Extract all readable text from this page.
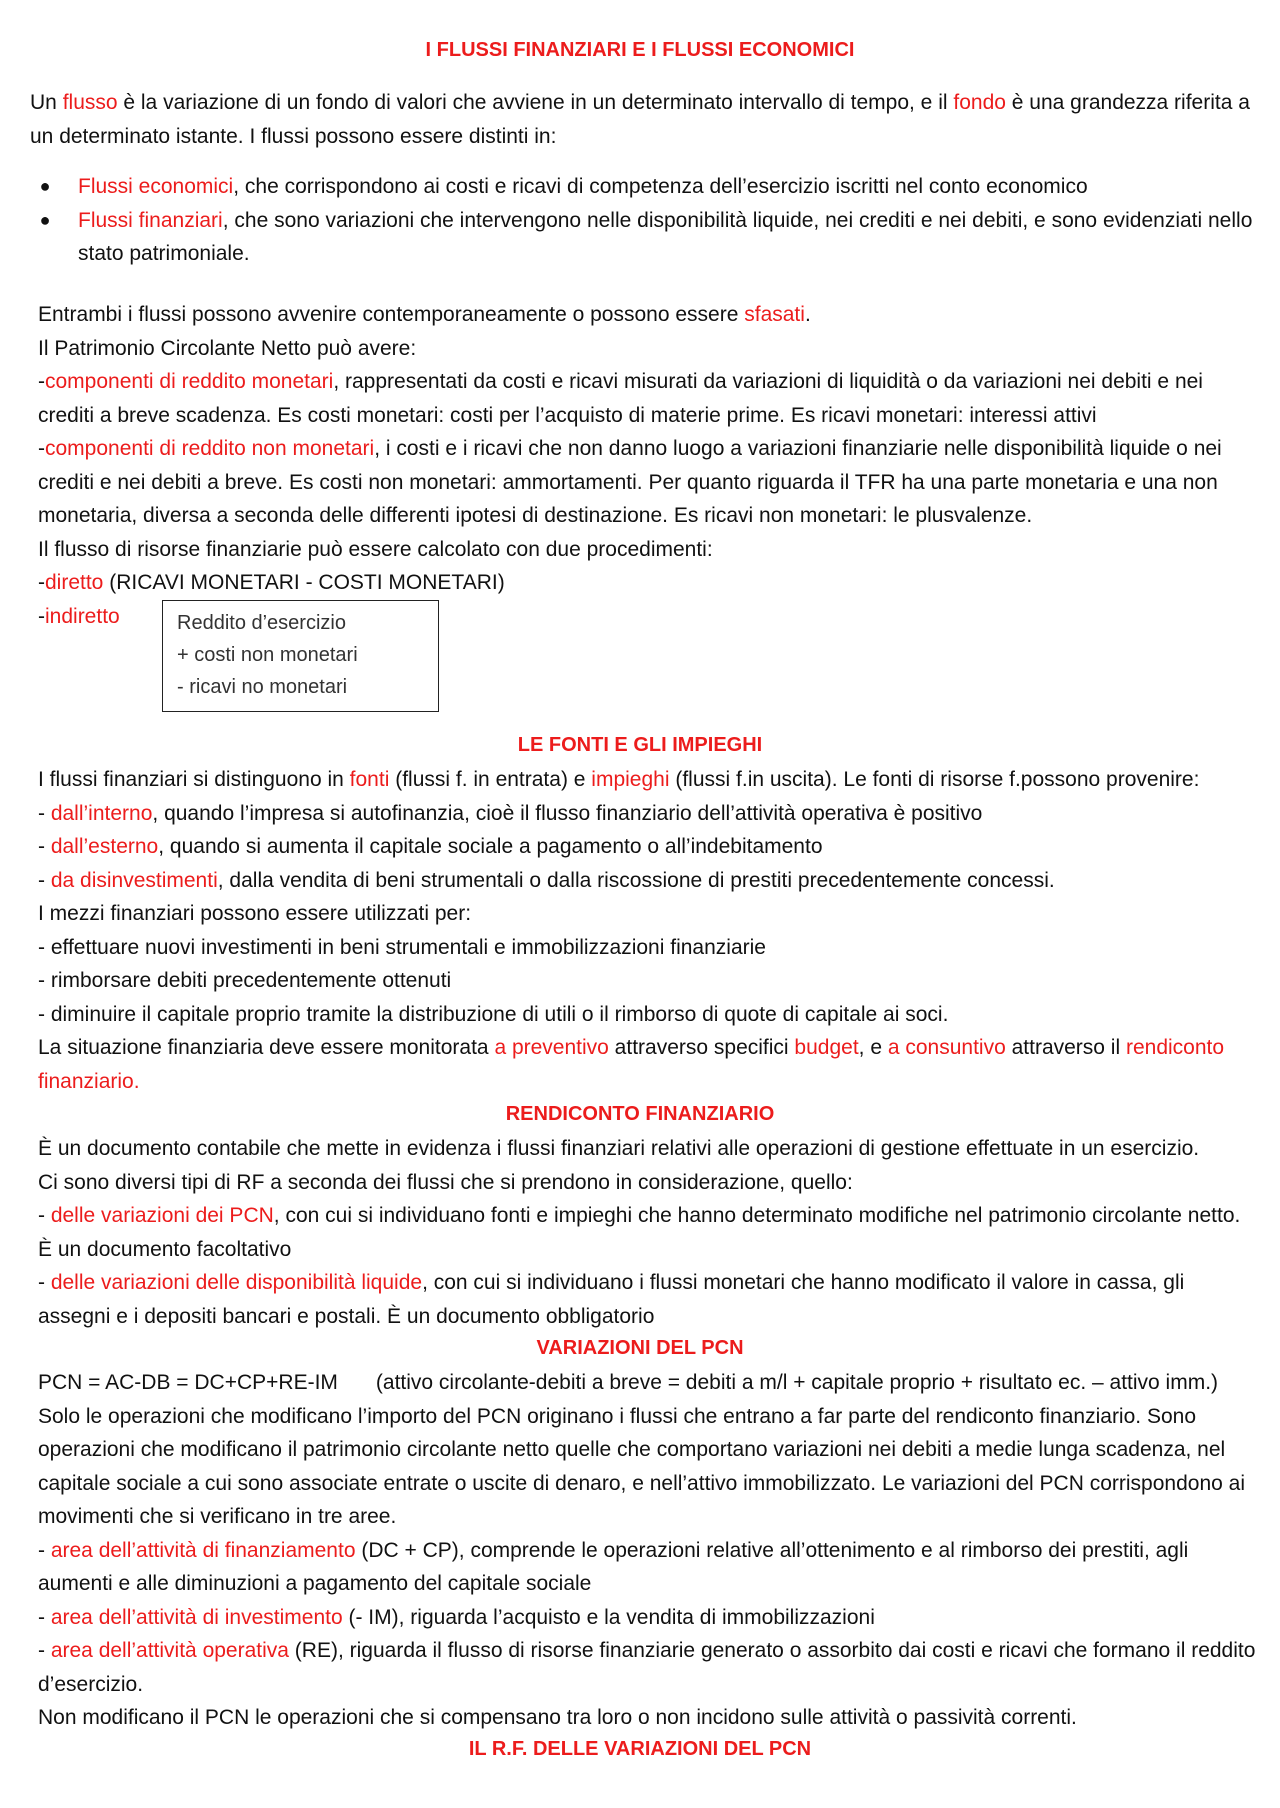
I FLUSSI FINANZIARI E I FLUSSI ECONOMICI

Un flusso è la variazione di un fondo di valori che avviene in un determinato intervallo di tempo, e il fondo è una grandezza riferita a un determinato istante. I flussi possono essere distinti in:

●	Flussi economici, che corrispondono ai costi e ricavi di competenza dell’esercizio iscritti nel conto economico
●	Flussi finanziari, che sono variazioni che intervengono nelle disponibilità liquide, nei crediti e nei debiti, e sono evidenziati nello stato patrimoniale.
Entrambi i flussi possono avvenire contemporaneamente o possono essere sfasati.
Il Patrimonio Circolante Netto può avere:
-componenti di reddito monetari, rappresentati da costi e ricavi misurati da variazioni di liquidità o da variazioni nei debiti e nei crediti a breve scadenza. Es costi monetari: costi per l’acquisto di materie prime. Es ricavi monetari: interessi attivi
-componenti di reddito non monetari, i costi e i ricavi che non danno luogo a variazioni finanziarie nelle disponibilità liquide o nei crediti e nei debiti a breve. Es costi non monetari: ammortamenti. Per quanto riguarda il TFR ha una parte monetaria e una non monetaria, diversa a seconda delle differenti ipotesi di destinazione. Es ricavi non monetari: le plusvalenze.
Il flusso di risorse finanziarie può essere calcolato con due procedimenti:
-diretto (RICAVI MONETARI - COSTI MONETARI)
-indiretto	Reddito d’esercizio
+ costi non monetari
- ricavi no monetari
LE FONTI E GLI IMPIEGHI
I flussi finanziari si distinguono in fonti (flussi f. in entrata) e impieghi (flussi f.in uscita). Le fonti di risorse f.possono provenire:
- dall’interno, quando l’impresa si autofinanzia, cioè il flusso finanziario dell’attività operativa è positivo
- dall’esterno, quando si aumenta il capitale sociale a pagamento o all’indebitamento
- da disinvestimenti, dalla vendita di beni strumentali o dalla riscossione di prestiti precedentemente concessi.
I mezzi finanziari possono essere utilizzati per:
- effettuare nuovi investimenti in beni strumentali e immobilizzazioni finanziarie
- rimborsare debiti precedentemente ottenuti
- diminuire il capitale proprio tramite la distribuzione di utili o il rimborso di quote di capitale ai soci.
La situazione finanziaria deve essere monitorata a preventivo attraverso specifici budget, e a consuntivo attraverso il rendiconto finanziario.
RENDICONTO FINANZIARIO
È un documento contabile che mette in evidenza i flussi finanziari relativi alle operazioni di gestione effettuate in un esercizio.
Ci sono diversi tipi di RF a seconda dei flussi che si prendono in considerazione, quello:
- delle variazioni dei PCN, con cui si individuano fonti e impieghi che hanno determinato modifiche nel patrimonio circolante netto. È un documento facoltativo
- delle variazioni delle disponibilità liquide, con cui si individuano i flussi monetari che hanno modificato il valore in cassa, gli assegni e i depositi bancari e postali. È un documento obbligatorio
VARIAZIONI DEL PCN
PCN = AC-DB = DC+CP+RE-IM (attivo circolante-debiti a breve = debiti a m/l + capitale proprio + risultato ec. – attivo imm.)
Solo le operazioni che modificano l’importo del PCN originano i flussi che entrano a far parte del rendiconto finanziario. Sono operazioni che modificano il patrimonio circolante netto quelle che comportano variazioni nei debiti a medie lunga scadenza, nel capitale sociale a cui sono associate entrate o uscite di denaro, e nell’attivo immobilizzato. Le variazioni del PCN corrispondono ai movimenti che si verificano in tre aree.
- area dell’attività di finanziamento (DC + CP), comprende le operazioni relative all’ottenimento e al rimborso dei prestiti, agli aumenti e alle diminuzioni a pagamento del capitale sociale
- area dell’attività di investimento (- IM), riguarda l’acquisto e la vendita di immobilizzazioni
- area dell’attività operativa (RE), riguarda il flusso di risorse finanziarie generato o assorbito dai costi e ricavi che formano il reddito d’esercizio.
Non modificano il PCN le operazioni che si compensano tra loro o non incidono sulle attività o passività correnti.
IL R.F. DELLE VARIAZIONI DEL PCN
